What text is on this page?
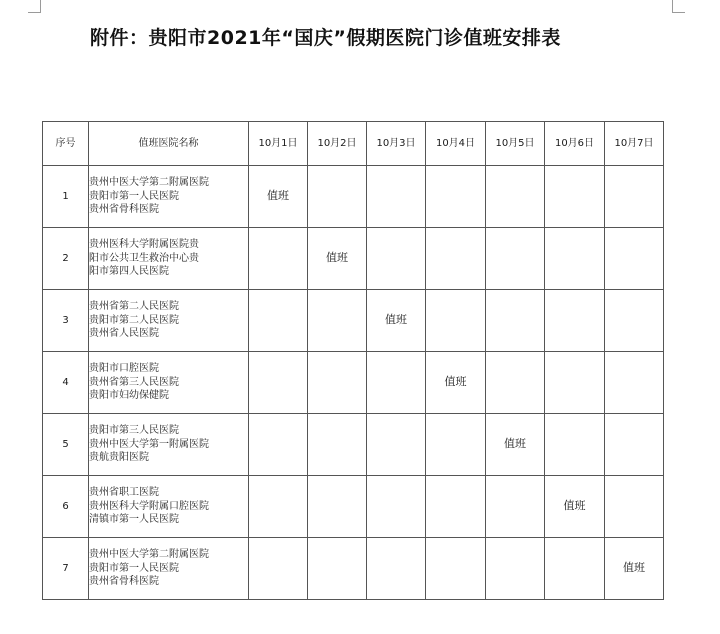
附件：贵阳市2021年“国庆”假期医院门诊值班安排表
序号	值班医院名称	10月1日	10月2日	10月3日	10月4日	10月5日	10月6日	10月7日
1	贵州中医大学第二附属医院
贵阳市第一人民医院
贵州省骨科医院	值班						
2	贵州医科大学附属医院贵
阳市公共卫生救治中心贵
阳市第四人民医院		值班					
3	贵州省第二人民医院
贵阳市第二人民医院
贵州省人民医院			值班				
4	贵阳市口腔医院
贵州省第三人民医院
贵阳市妇幼保健院				值班			
5	贵阳市第三人民医院
贵州中医大学第一附属医院
贵航贵阳医院					值班		
6	贵州省职工医院
贵州医科大学附属口腔医院
清镇市第一人民医院						值班	
7	贵州中医大学第二附属医院
贵阳市第一人民医院
贵州省骨科医院							值班
